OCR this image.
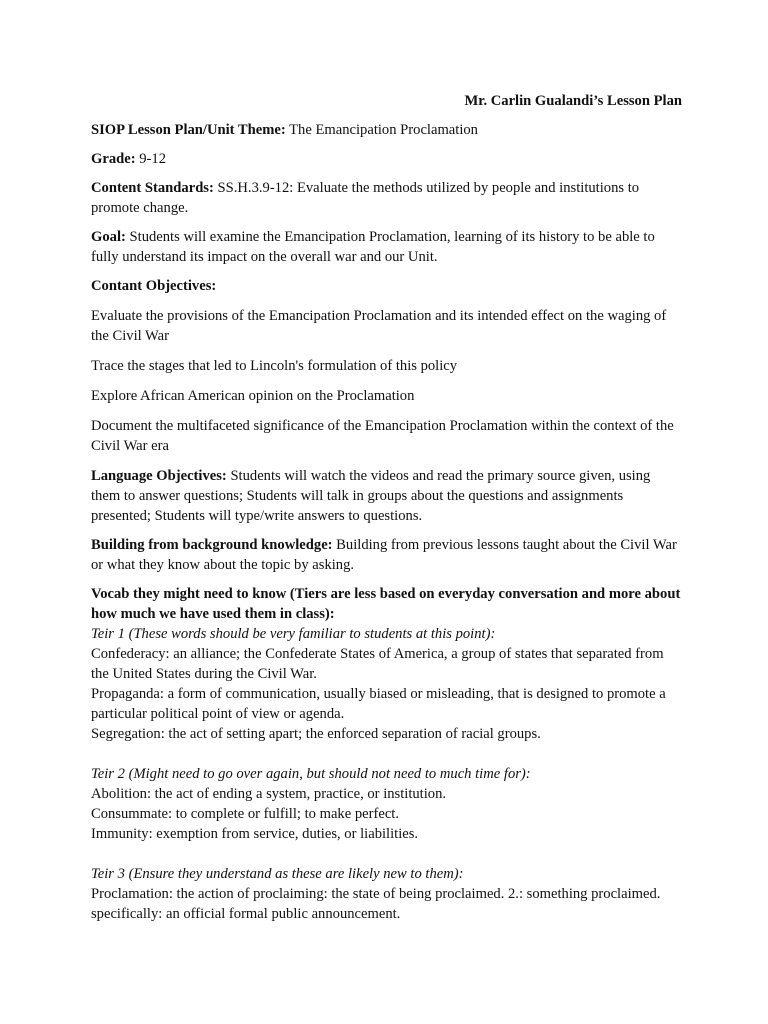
Mr. Carlin Gualandi’s Lesson Plan
SIOP Lesson Plan/Unit Theme: The Emancipation Proclamation
Grade: 9-12
Content Standards: SS.H.3.9-12: Evaluate the methods utilized by people and institutions to promote change.
Goal: Students will examine the Emancipation Proclamation, learning of its history to be able to fully understand its impact on the overall war and our Unit.
Contant Objectives:
Evaluate the provisions of the Emancipation Proclamation and its intended effect on the waging of the Civil War
Trace the stages that led to Lincoln's formulation of this policy
Explore African American opinion on the Proclamation
Document the multifaceted significance of the Emancipation Proclamation within the context of the Civil War era
Language Objectives: Students will watch the videos and read the primary source given, using them to answer questions; Students will talk in groups about the questions and assignments presented; Students will type/write answers to questions.
Building from background knowledge: Building from previous lessons taught about the Civil War or what they know about the topic by asking.
Vocab they might need to know (Tiers are less based on everyday conversation and more about how much we have used them in class):
Teir 1 (These words should be very familiar to students at this point):
Confederacy: an alliance; the Confederate States of America, a group of states that separated from the United States during the Civil War.
Propaganda: a form of communication, usually biased or misleading, that is designed to promote a particular political point of view or agenda.
Segregation: the act of setting apart; the enforced separation of racial groups.
Teir 2 (Might need to go over again, but should not need to much time for):
Abolition: the act of ending a system, practice, or institution.
Consummate: to complete or fulfill; to make perfect.
Immunity: exemption from service, duties, or liabilities.
Teir 3 (Ensure they understand as these are likely new to them):
Proclamation: the action of proclaiming: the state of being proclaimed. 2.: something proclaimed. specifically: an official formal public announcement.
